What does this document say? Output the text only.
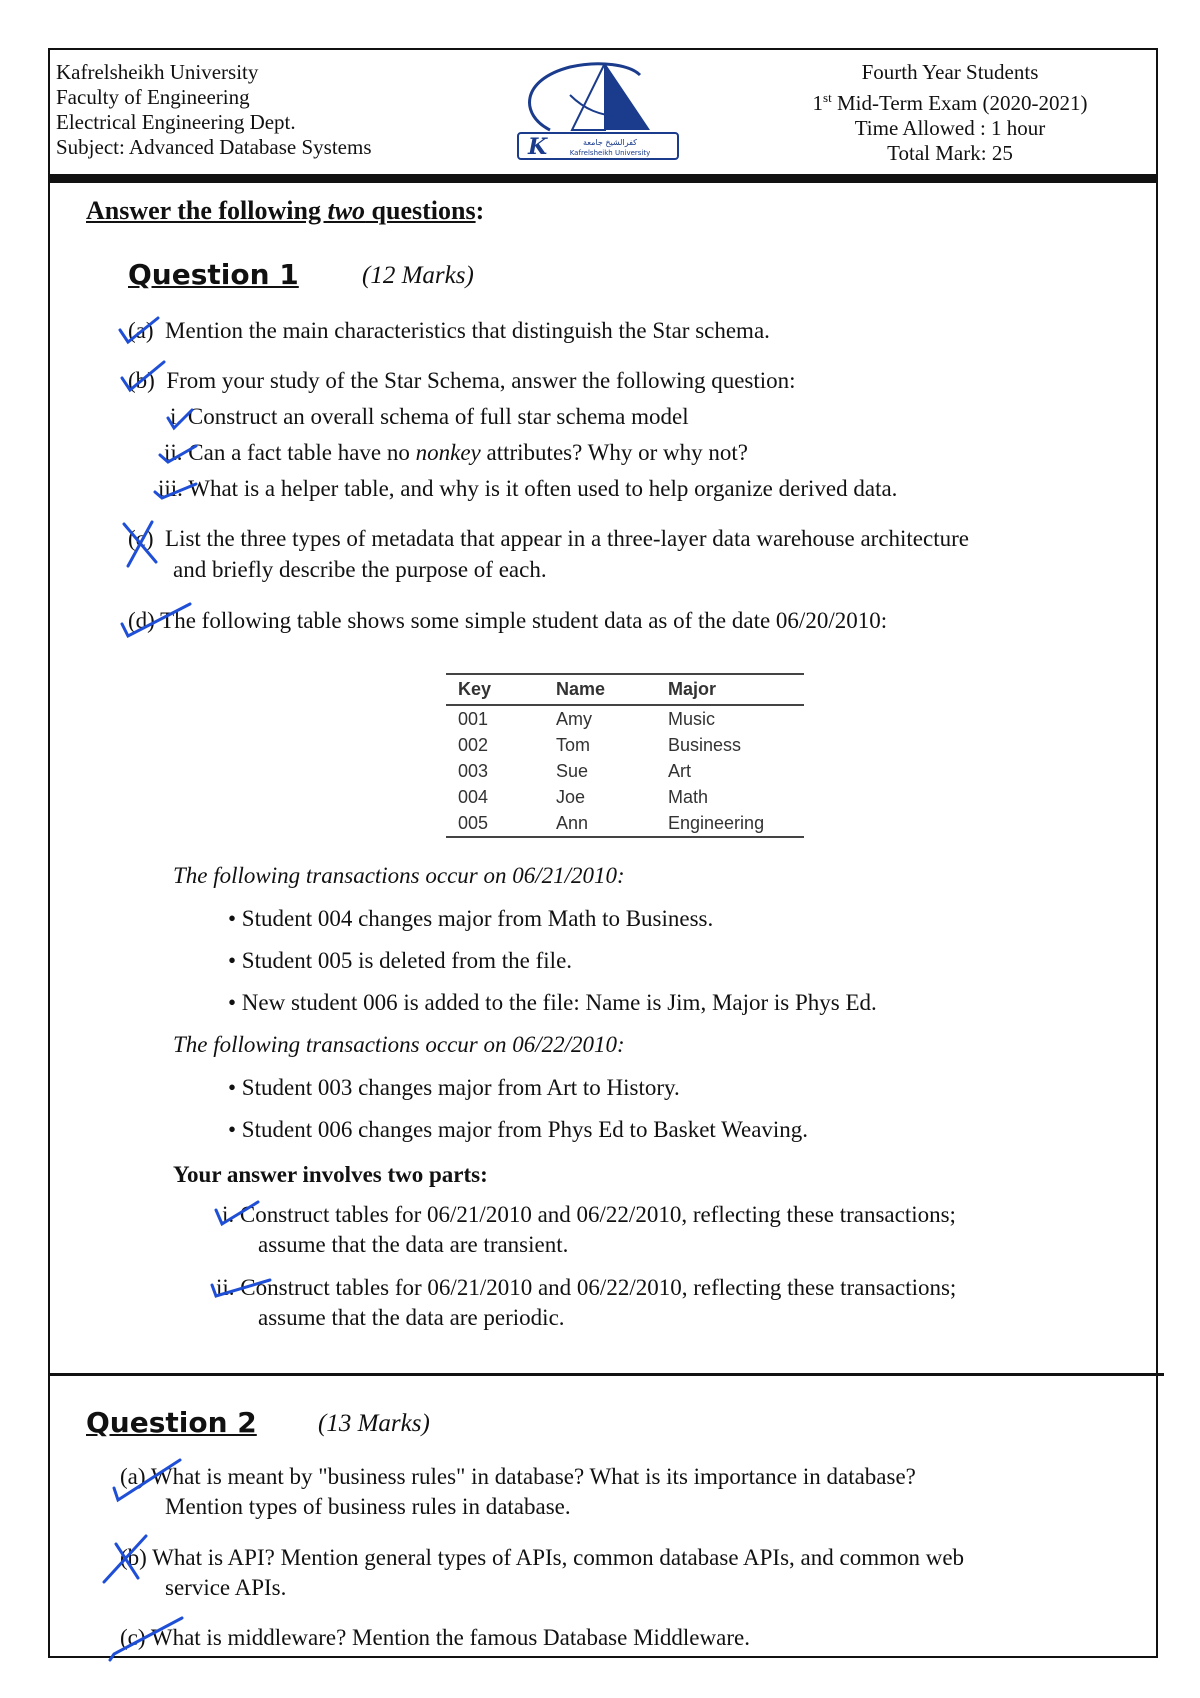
Kafrelsheikh University
Faculty of Engineering
Electrical Engineering Dept.
Subject: Advanced Database Systems	K	كفرالشيخ جامعة
Kafrelsheikh University
Fourth Year Students
1st Mid-Term Exam (2020-2021)
Time Allowed : 1 hour
Total Mark: 25
Answer the following two questions:
Question 1	(12 Marks)
(a) Mention the main characteristics that distinguish the Star schema.
(b) From your study of the Star Schema, answer the following question:
i. Construct an overall schema of full star schema model
ii. Can a fact table have no nonkey attributes? Why or why not?
iii. What is a helper table, and why is it often used to help organize derived data.
(c) List the three types of metadata that appear in a three-layer data warehouse architecture
and briefly describe the purpose of each.
(d) The following table shows some simple student data as of the date 06/20/2010:
Key	Name	Major
001	Amy	Music
002	Tom	Business
003	Sue	Art
004	Joe	Math
005	Ann	Engineering
The following transactions occur on 06/21/2010:
• Student 004 changes major from Math to Business.
• Student 005 is deleted from the file.
• New student 006 is added to the file: Name is Jim, Major is Phys Ed.
The following transactions occur on 06/22/2010:
• Student 003 changes major from Art to History.
• Student 006 changes major from Phys Ed to Basket Weaving.
Your answer involves two parts:
i. Construct tables for 06/21/2010 and 06/22/2010, reflecting these transactions;
assume that the data are transient.
ii. Construct tables for 06/21/2010 and 06/22/2010, reflecting these transactions;
assume that the data are periodic.
Question 2 (13 Marks)
(a) What is meant by "business rules" in database? What is its importance in database?
Mention types of business rules in database.
(b) What is API? Mention general types of APIs, common database APIs, and common web
service APIs.
(c) What is middleware? Mention the famous Database Middleware.
